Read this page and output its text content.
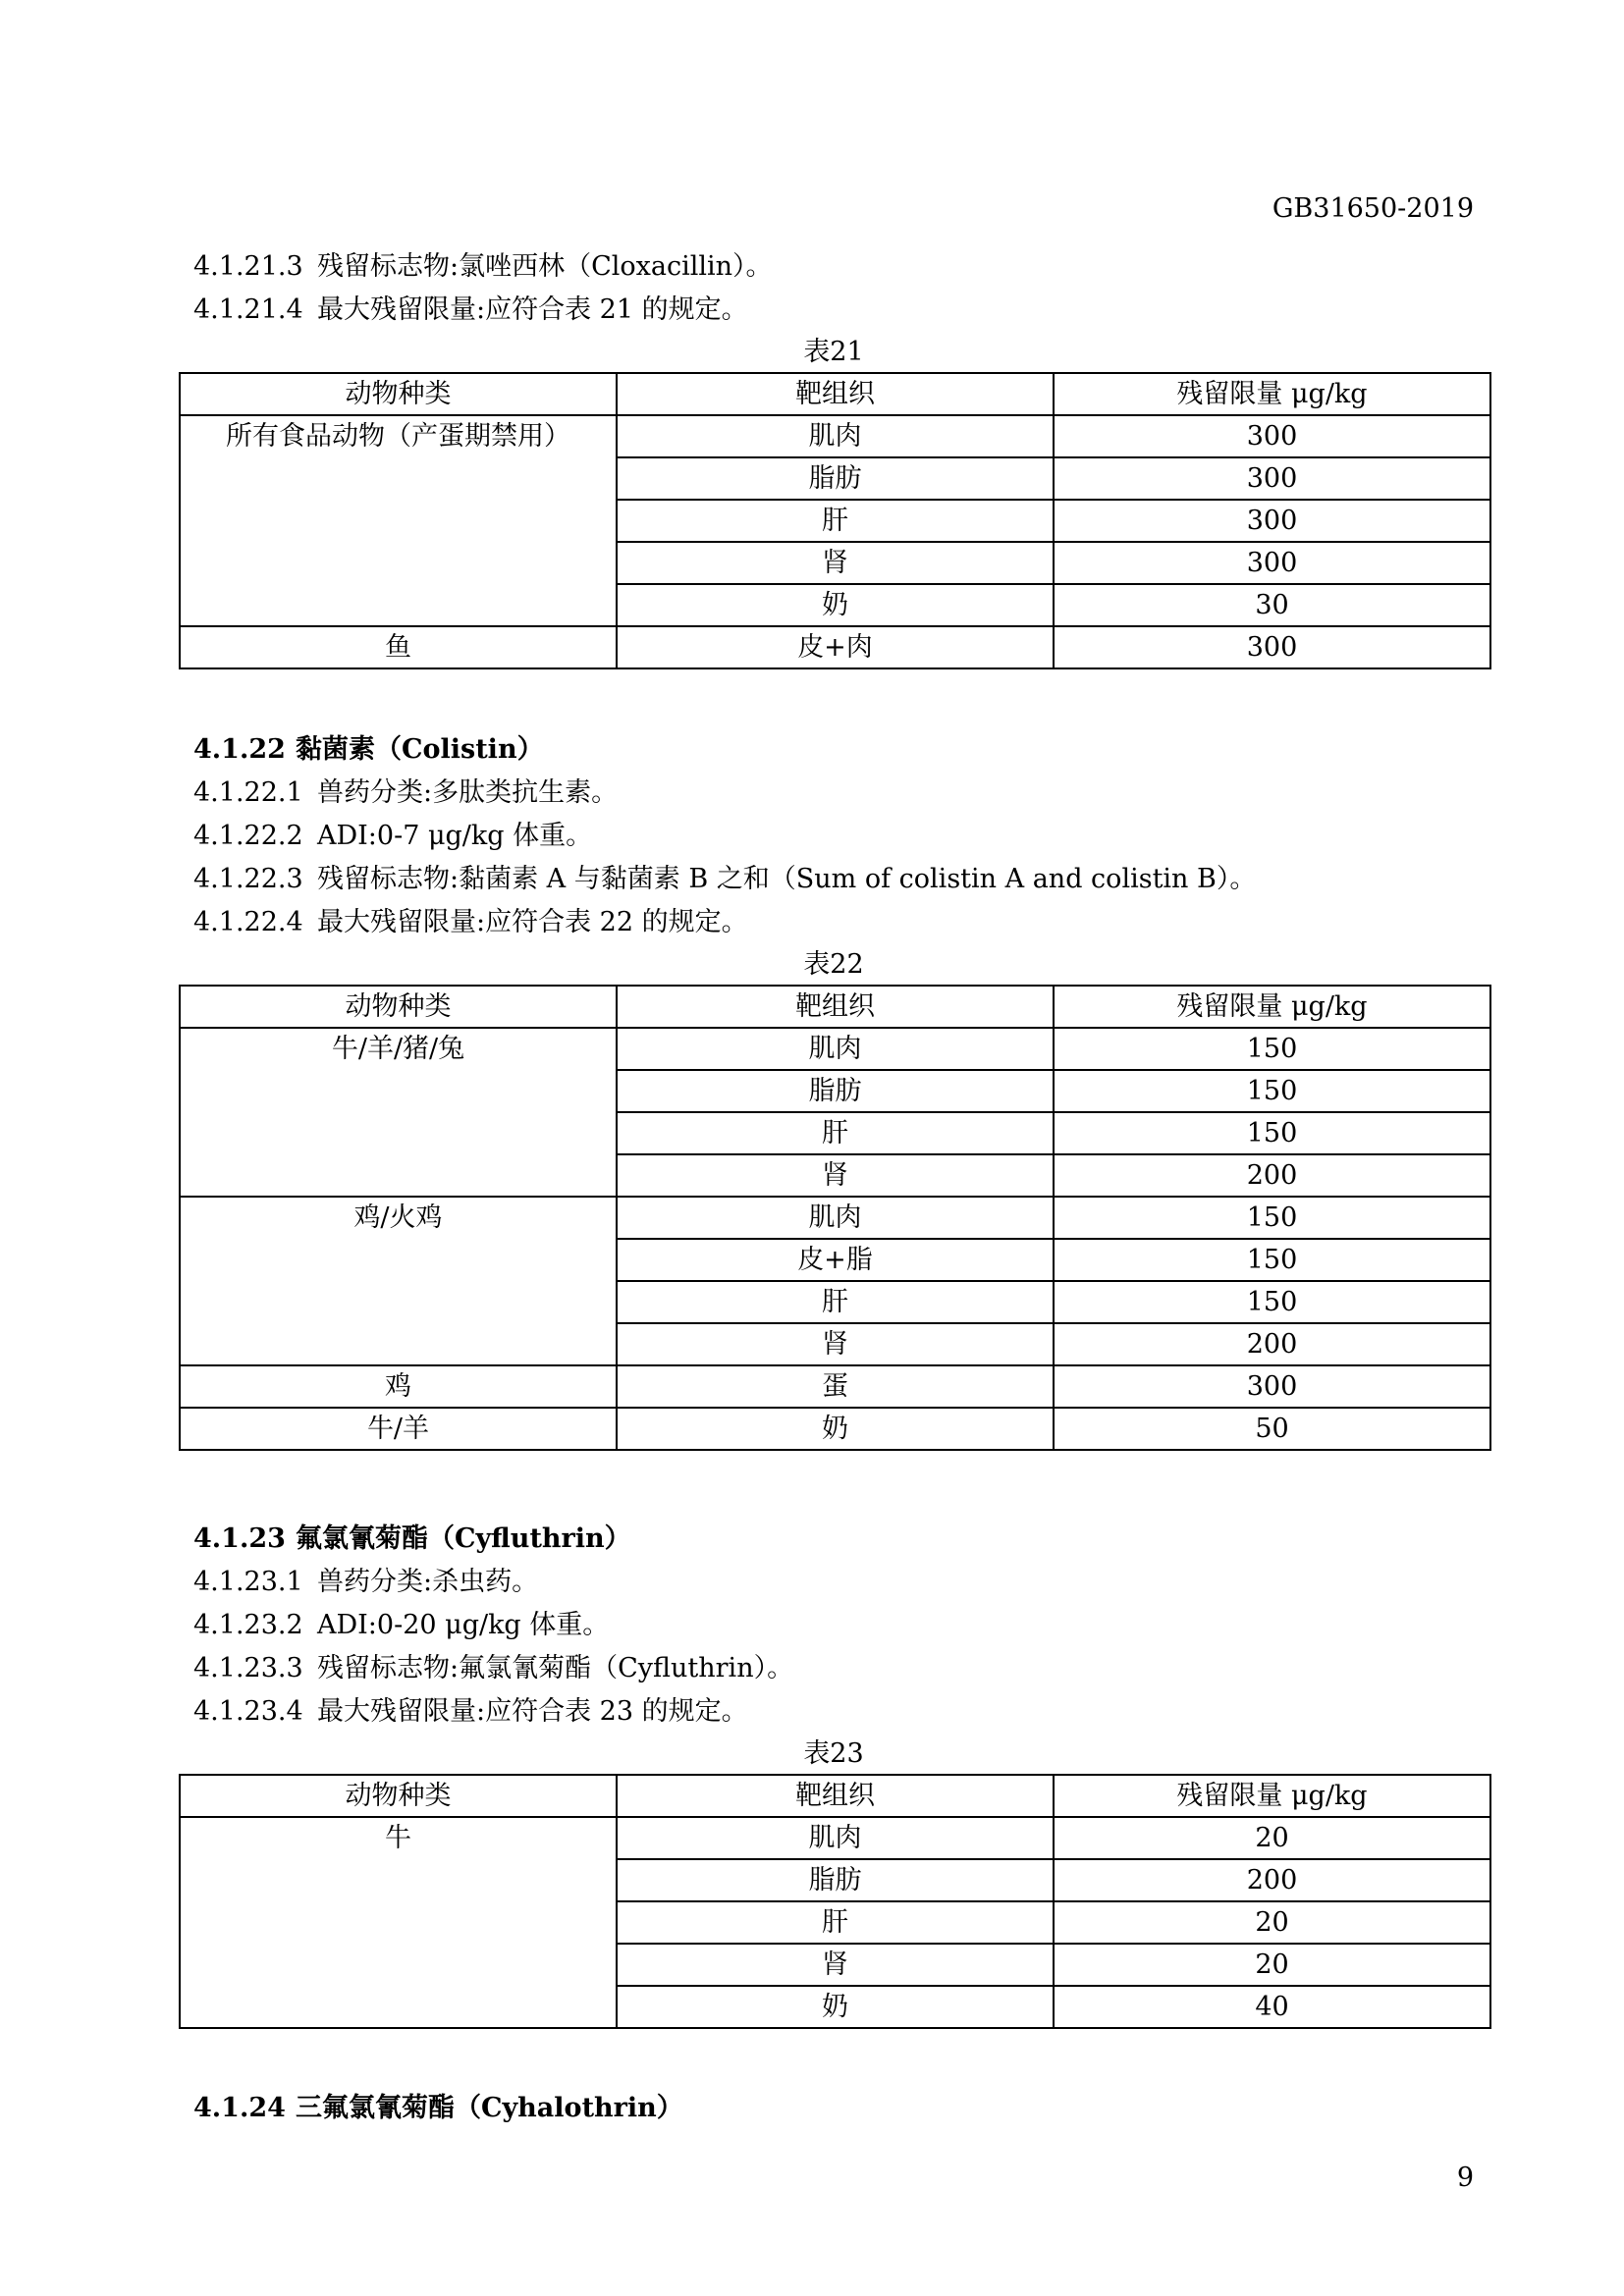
GB31650-2019
4.1.21.3 残留标志物:氯唑西林（Cloxacillin）。
4.1.21.4 最大残留限量:应符合表 21 的规定。
表21
动物种类	靶组织	残留限量 μg/kg
所有食品动物（产蛋期禁用）	肌肉	300
	脂肪	300
	肝	300
	肾	300
	奶	30
鱼	皮+肉	300
4.1.22 黏菌素（Colistin）
4.1.22.1 兽药分类:多肽类抗生素。
4.1.22.2 ADI:0-7 μg/kg 体重。
4.1.22.3 残留标志物:黏菌素 A 与黏菌素 B 之和（Sum of colistin A and colistin B）。
4.1.22.4 最大残留限量:应符合表 22 的规定。
表22
动物种类	靶组织	残留限量 μg/kg
牛/羊/猪/兔	肌肉	150
	脂肪	150
	肝	150
	肾	200
鸡/火鸡	肌肉	150
	皮+脂	150
	肝	150
	肾	200
鸡	蛋	300
牛/羊	奶	50
4.1.23 氟氯氰菊酯（Cyfluthrin）
4.1.23.1 兽药分类:杀虫药。
4.1.23.2 ADI:0-20 μg/kg 体重。
4.1.23.3 残留标志物:氟氯氰菊酯（Cyfluthrin）。
4.1.23.4 最大残留限量:应符合表 23 的规定。
表23
动物种类	靶组织	残留限量 μg/kg
牛	肌肉	20
	脂肪	200
	肝	20
	肾	20
	奶	40
4.1.24 三氟氯氰菊酯（Cyhalothrin）
9
